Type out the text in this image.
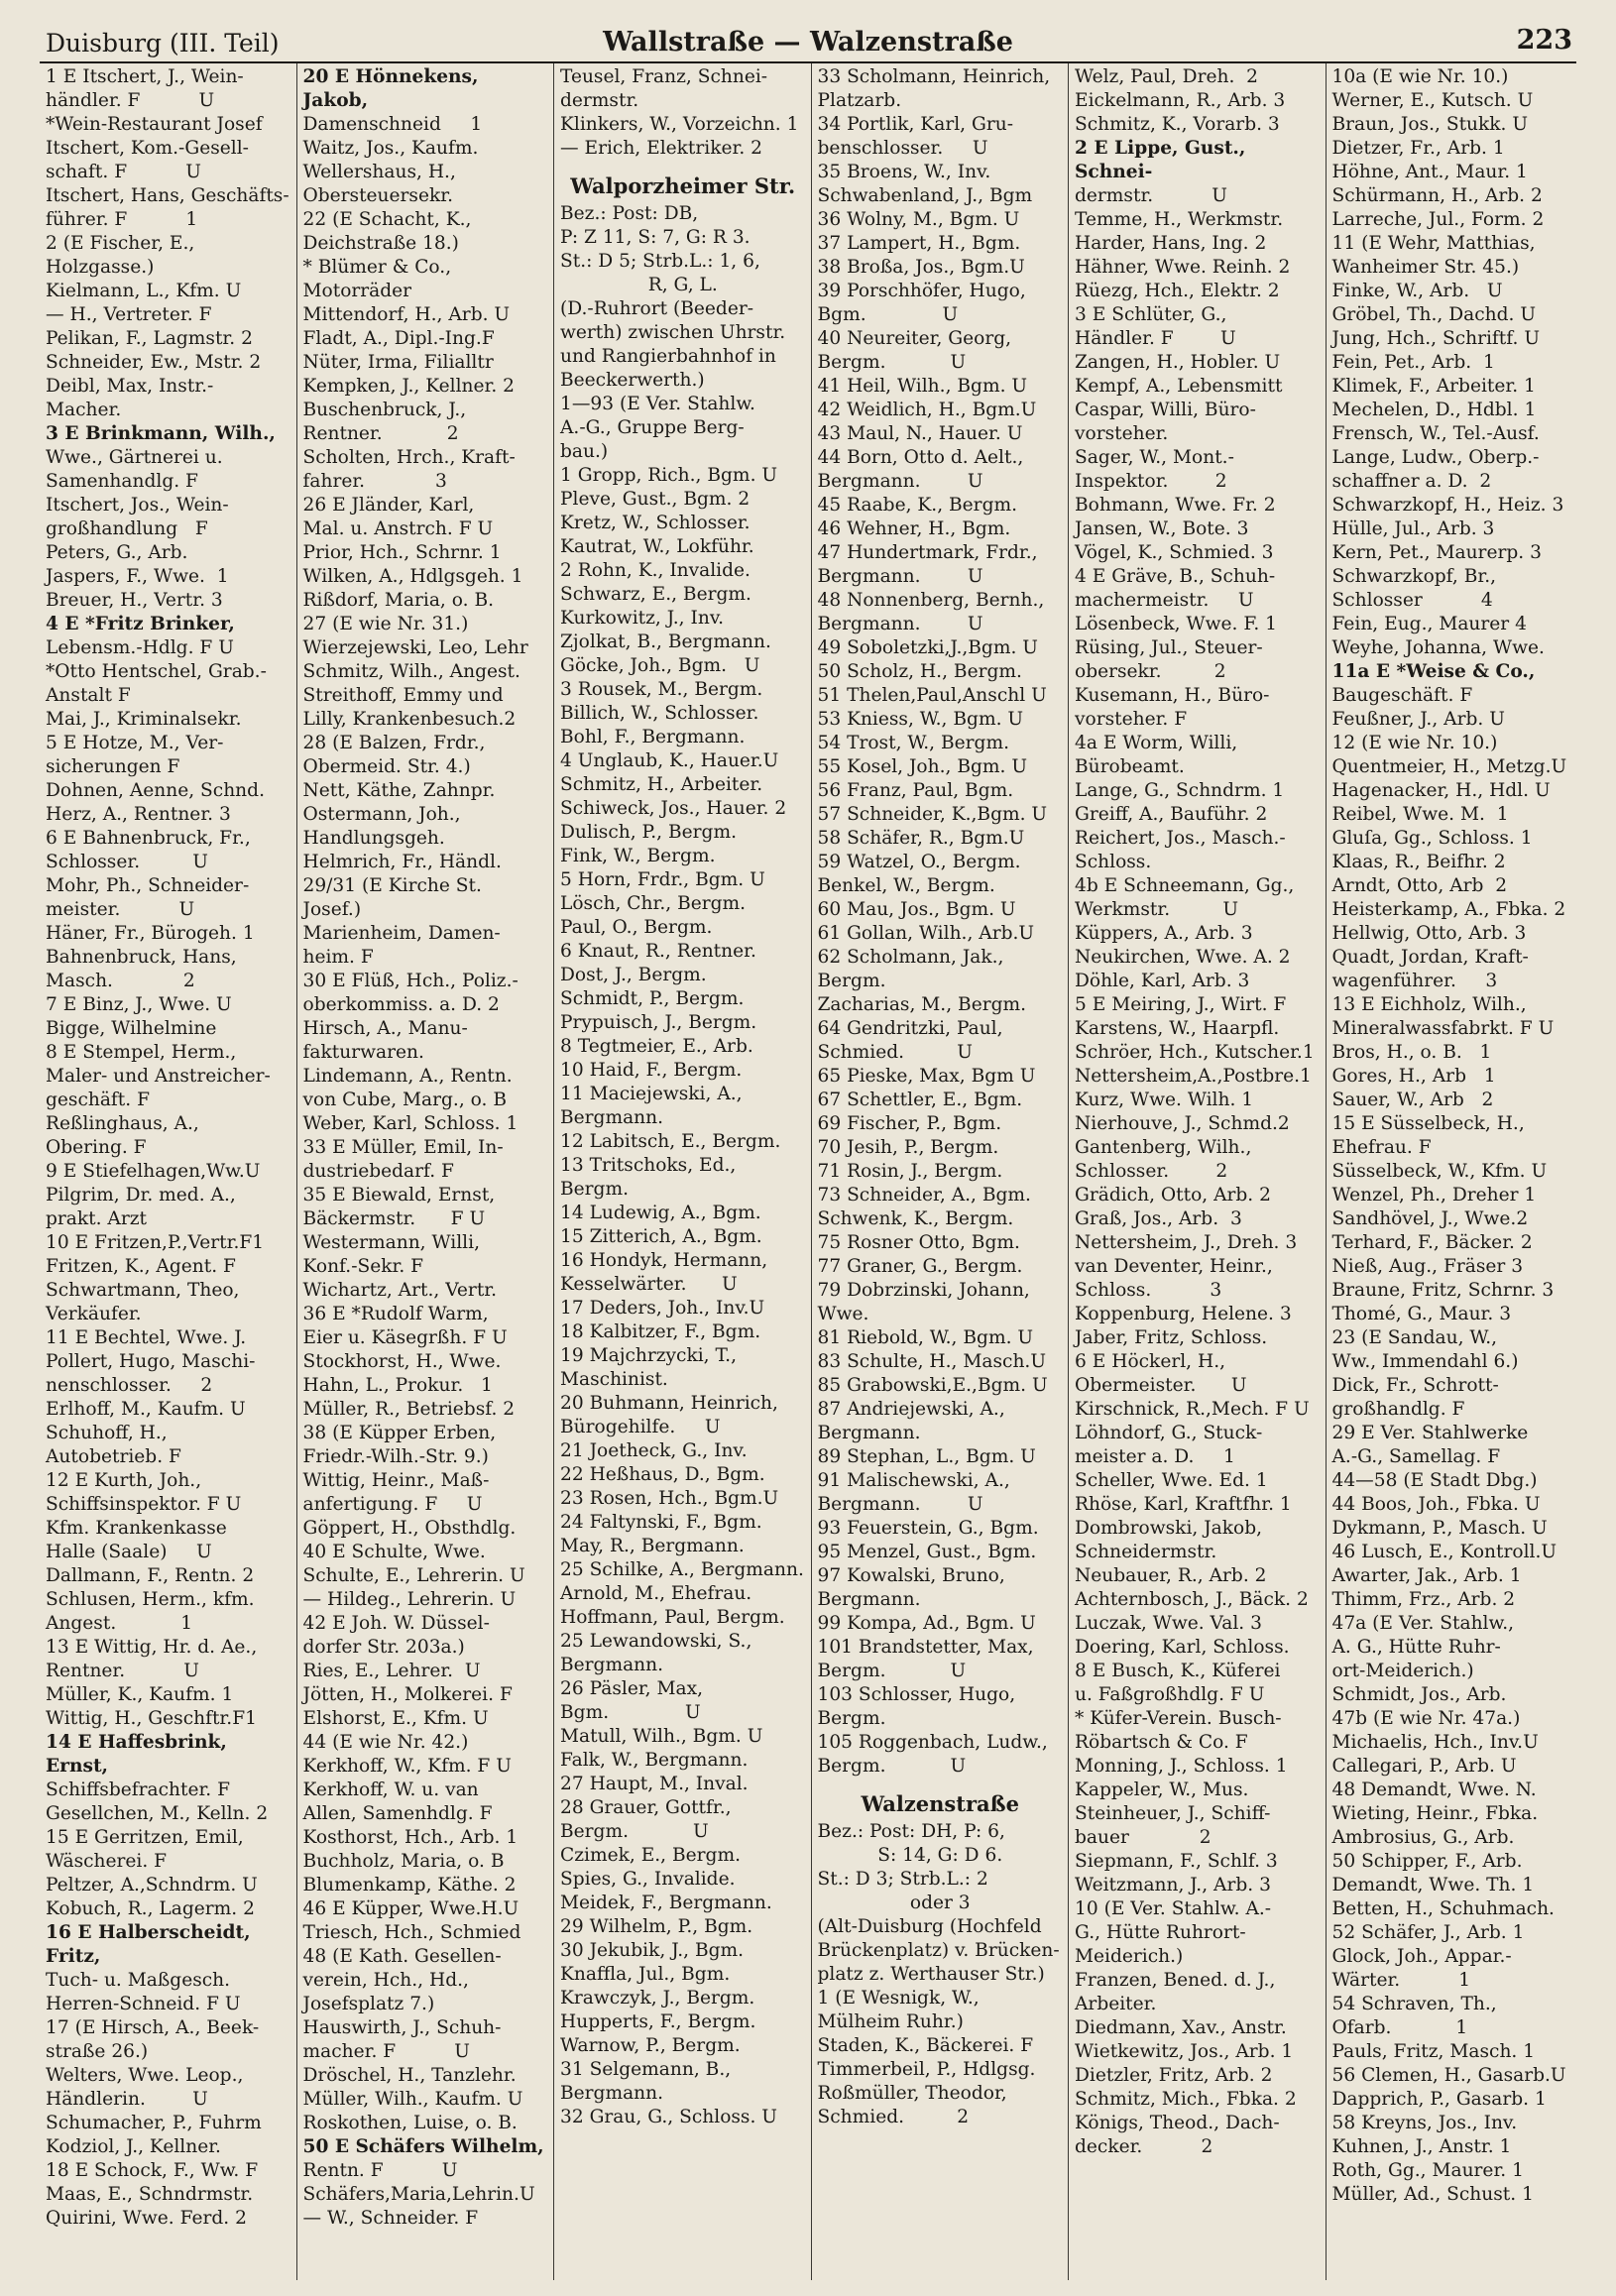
Duisburg (III. Teil)	Wallstraße — Walzenstraße	223
1 E Itschert, J., Wein-
händler. F          U
*Wein-Restaurant Josef
Itschert, Kom.-Gesell-
schaft. F          U
Itschert, Hans, Geschäfts-
führer. F          1
2 (E Fischer, E.,
Holzgasse.)
Kielmann, L., Kfm. U
— H., Vertreter. F
Pelikan, F., Lagmstr. 2
Schneider, Ew., Mstr. 2
Deibl, Max, Instr.-
Macher.
3 E Brinkmann, Wilh.,
Wwe., Gärtnerei u.
Samenhandlg. F
Itschert, Jos., Wein-
großhandlung   F
Peters, G., Arb.
Jaspers, F., Wwe.  1
Breuer, H., Vertr. 3
4 E *Fritz Brinker,
Lebensm.-Hdlg. F U
*Otto Hentschel, Grab.-
Anstalt F
Mai, J., Kriminalsekr.
5 E Hotze, M., Ver-
sicherungen F
Dohnen, Aenne, Schnd.
Herz, A., Rentner. 3
6 E Bahnenbruck, Fr.,
Schlosser.         U
Mohr, Ph., Schneider-
meister.          U
Häner, Fr., Bürogeh. 1
Bahnenbruck, Hans,
Masch.            2
7 E Binz, J., Wwe. U
Bigge, Wilhelmine
8 E Stempel, Herm.,
Maler- und Anstreicher-
geschäft. F
Reßlinghaus, A.,
Obering. F
9 E Stiefelhagen,Ww.U
Pilgrim, Dr. med. A.,
prakt. Arzt
10 E Fritzen,P.,Vertr.F1
Fritzen, K., Agent. F
Schwartmann, Theo,
Verkäufer.
11 E Bechtel, Wwe. J.
Pollert, Hugo, Maschi-
nenschlosser.     2
Erlhoff, M., Kaufm. U
Schuhoff, H.,
Autobetrieb. F
12 E Kurth, Joh.,
Schiffsinspektor. F U
Kfm. Krankenkasse
Halle (Saale)     U
Dallmann, F., Rentn. 2
Schlusen, Herm., kfm.
Angest.           1
13 E Wittig, Hr. d. Ae.,
Rentner.          U
Müller, K., Kaufm. 1
Wittig, H., Geschftr.F1
14 E Haffesbrink, Ernst,
Schiffsbefrachter. F
Gesellchen, M., Kelln. 2
15 E Gerritzen, Emil,
Wäscherei. F
Peltzer, A.,Schndrm. U
Kobuch, R., Lagerm. 2
16 E Halberscheidt, Fritz,
Tuch- u. Maßgesch.
Herren-Schneid. F U
17 (E Hirsch, A., Beek-
straße 26.)
Welters, Wwe. Leop.,
Händlerin.        U
Schumacher, P., Fuhrm
Kodziol, J., Kellner.
18 E Schock, F., Ww. F
Maas, E., Schndrmstr.
Quirini, Wwe. Ferd. 2
20 E Hönnekens, Jakob,
Damenschneid     1
Waitz, Jos., Kaufm.
Wellershaus, H.,
Obersteuersekr.
22 (E Schacht, K.,
Deichstraße 18.)
* Blümer & Co.,
Motorräder
Mittendorf, H., Arb. U
Fladt, A., Dipl.-Ing.F
Nüter, Irma, Filialltr
Kempken, J., Kellner. 2
Buschenbruck, J.,
Rentner.           2
Scholten, Hrch., Kraft-
fahrer.            3
26 E Jländer, Karl,
Mal. u. Anstrch. F U
Prior, Hch., Schrnr. 1
Wilken, A., Hdlgsgeh. 1
Rißdorf, Maria, o. B.
27 (E wie Nr. 31.)
Wierzejewski, Leo, Lehr
Schmitz, Wilh., Angest.
Streithoff, Emmy und
Lilly, Krankenbesuch.2
28 (E Balzen, Frdr.,
Obermeid. Str. 4.)
Nett, Käthe, Zahnpr.
Ostermann, Joh.,
Handlungsgeh.
Helmrich, Fr., Händl.
29/31 (E Kirche St.
Josef.)
Marienheim, Damen-
heim. F
30 E Flüß, Hch., Poliz.-
oberkommiss. a. D. 2
Hirsch, A., Manu-
fakturwaren.
Lindemann, A., Rentn.
von Cube, Marg., o. B
Weber, Karl, Schloss. 1
33 E Müller, Emil, In-
dustriebedarf. F
35 E Biewald, Ernst,
Bäckermstr.      F U
Westermann, Willi,
Konf.-Sekr. F
Wichartz, Art., Vertr.
36 E *Rudolf Warm,
Eier u. Käsegrßh. F U
Stockhorst, H., Wwe.
Hahn, L., Prokur.   1
Müller, R., Betriebsf. 2
38 (E Küpper Erben,
Friedr.-Wilh.-Str. 9.)
Wittig, Heinr., Maß-
anfertigung. F     U
Göppert, H., Obsthdlg.
40 E Schulte, Wwe.
Schulte, E., Lehrerin. U
— Hildeg., Lehrerin. U
42 E Joh. W. Düssel-
dorfer Str. 203a.)
Ries, E., Lehrer.  U
Jötten, H., Molkerei. F
Elshorst, E., Kfm. U
44 (E wie Nr. 42.)
Kerkhoff, W., Kfm. F U
Kerkhoff, W. u. van
Allen, Samenhdlg. F
Kosthorst, Hch., Arb. 1
Buchholz, Maria, o. B
Blumenkamp, Käthe. 2
46 E Küpper, Wwe.H.U
Triesch, Hch., Schmied
48 (E Kath. Gesellen-
verein, Hch., Hd.,
Josefsplatz 7.)
Hauswirth, J., Schuh-
macher. F          U
Dröschel, H., Tanzlehr.
Müller, Wilh., Kaufm. U
Roskothen, Luise, o. B.
50 E Schäfers Wilhelm,
Rentn. F          U
Schäfers,Maria,Lehrin.U
— W., Schneider. F
Teusel, Franz, Schnei-
dermstr.
Klinkers, W., Vorzeichn. 1
— Erich, Elektriker. 2
Walporzheimer Str.
Bez.: Post: DB,
P: Z 11, S: 7, G: R 3.
St.: D 5; Strb.L.: 1, 6,
R, G, L.
(D.-Ruhrort (Beeder-
werth) zwischen Uhrstr.
und Rangierbahnhof in
Beeckerwerth.)
1—93 (E Ver. Stahlw.
A.-G., Gruppe Berg-
bau.)
1 Gropp, Rich., Bgm. U
Pleve, Gust., Bgm. 2
Kretz, W., Schlosser.
Kautrat, W., Lokführ.
2 Rohn, K., Invalide.
Schwarz, E., Bergm.
Kurkowitz, J., Inv.
Zjolkat, B., Bergmann.
Göcke, Joh., Bgm.   U
3 Rousek, M., Bergm.
Billich, W., Schlosser.
Bohl, F., Bergmann.
4 Unglaub, K., Hauer.U
Schmitz, H., Arbeiter.
Schiweck, Jos., Hauer. 2
Dulisch, P., Bergm.
Fink, W., Bergm.
5 Horn, Frdr., Bgm. U
Lösch, Chr., Bergm.
Paul, O., Bergm.
6 Knaut, R., Rentner.
Dost, J., Bergm.
Schmidt, P., Bergm.
Prypuisch, J., Bergm.
8 Tegtmeier, E., Arb.
10 Haid, F., Bergm.
11 Maciejewski, A.,
Bergmann.
12 Labitsch, E., Bergm.
13 Tritschoks, Ed.,
Bergm.
14 Ludewig, A., Bgm.
15 Zitterich, A., Bgm.
16 Hondyk, Hermann,
Kesselwärter.      U
17 Deders, Joh., Inv.U
18 Kalbitzer, F., Bgm.
19 Majchrzycki, T.,
Maschinist.
20 Buhmann, Heinrich,
Bürogehilfe.     U
21 Joetheck, G., Inv.
22 Heßhaus, D., Bgm.
23 Rosen, Hch., Bgm.U
24 Faltynski, F., Bgm.
May, R., Bergmann.
25 Schilke, A., Bergmann.
Arnold, M., Ehefrau.
Hoffmann, Paul, Bergm.
25 Lewandowski, S.,
Bergmann.
26 Päsler, Max,
Bgm.             U
Matull, Wilh., Bgm. U
Falk, W., Bergmann.
27 Haupt, M., Inval.
28 Grauer, Gottfr.,
Bergm.           U
Czimek, E., Bergm.
Spies, G., Invalide.
Meidek, F., Bergmann.
29 Wilhelm, P., Bgm.
30 Jekubik, J., Bgm.
Knaffla, Jul., Bgm.
Krawczyk, J., Bergm.
Hupperts, F., Bergm.
Warnow, P., Bergm.
31 Selgemann, B.,
Bergmann.
32 Grau, G., Schloss. U
33 Scholmann, Heinrich,
Platzarb.
34 Portlik, Karl, Gru-
benschlosser.     U
35 Broens, W., Inv.
Schwabenland, J., Bgm
36 Wolny, M., Bgm. U
37 Lampert, H., Bgm.
38 Broßa, Jos., Bgm.U
39 Porschhöfer, Hugo,
Bgm.             U
40 Neureiter, Georg,
Bergm.           U
41 Heil, Wilh., Bgm. U
42 Weidlich, H., Bgm.U
43 Maul, N., Hauer. U
44 Born, Otto d. Aelt.,
Bergmann.        U
45 Raabe, K., Bergm.
46 Wehner, H., Bgm.
47 Hundertmark, Frdr.,
Bergmann.        U
48 Nonnenberg, Bernh.,
Bergmann.        U
49 Soboletzki,J.,Bgm. U
50 Scholz, H., Bergm.
51 Thelen,Paul,Anschl U
53 Kniess, W., Bgm. U
54 Trost, W., Bergm.
55 Kosel, Joh., Bgm. U
56 Franz, Paul, Bgm.
57 Schneider, K.,Bgm. U
58 Schäfer, R., Bgm.U
59 Watzel, O., Bergm.
Benkel, W., Bergm.
60 Mau, Jos., Bgm. U
61 Gollan, Wilh., Arb.U
62 Scholmann, Jak.,
Bergm.
Zacharias, M., Bergm.
64 Gendritzki, Paul,
Schmied.         U
65 Pieske, Max, Bgm U
67 Schettler, E., Bgm.
69 Fischer, P., Bgm.
70 Jesih, P., Bergm.
71 Rosin, J., Bergm.
73 Schneider, A., Bgm.
Schwenk, K., Bergm.
75 Rosner Otto, Bgm.
77 Graner, G., Bergm.
79 Dobrzinski, Johann,
Wwe.
81 Riebold, W., Bgm. U
83 Schulte, H., Masch.U
85 Grabowski,E.,Bgm. U
87 Andriejewski, A.,
Bergmann.
89 Stephan, L., Bgm. U
91 Malischewski, A.,
Bergmann.        U
93 Feuerstein, G., Bgm.
95 Menzel, Gust., Bgm.
97 Kowalski, Bruno,
Bergmann.
99 Kompa, Ad., Bgm. U
101 Brandstetter, Max,
Bergm.           U
103 Schlosser, Hugo,
Bergm.
105 Roggenbach, Ludw.,
Bergm.           U
Walzenstraße
Bez.: Post: DH, P: 6,
S: 14, G: D 6.
St.: D 3; Strb.L.: 2
oder 3
(Alt-Duisburg (Hochfeld
Brückenplatz) v. Brücken-
platz z. Werthauser Str.)
1 (E Wesnigk, W.,
Mülheim Ruhr.)
Staden, K., Bäckerei. F
Timmerbeil, P., Hdlgsg.
Roßmüller, Theodor,
Schmied.         2
Welz, Paul, Dreh.  2
Eickelmann, R., Arb. 3
Schmitz, K., Vorarb. 3
2 E Lippe, Gust., Schnei-
dermstr.          U
Temme, H., Werkmstr.
Harder, Hans, Ing. 2
Hähner, Wwe. Reinh. 2
Rüezg, Hch., Elektr. 2
3 E Schlüter, G.,
Händler. F        U
Zangen, H., Hobler. U
Kempf, A., Lebensmitt
Caspar, Willi, Büro-
vorsteher.
Sager, W., Mont.-
Inspektor.        2
Bohmann, Wwe. Fr. 2
Jansen, W., Bote. 3
Vögel, K., Schmied. 3
4 E Gräve, B., Schuh-
machermeistr.     U
Lösenbeck, Wwe. F. 1
Rüsing, Jul., Steuer-
obersekr.         2
Kusemann, H., Büro-
vorsteher. F
4a E Worm, Willi,
Bürobeamt.
Lange, G., Schndrm. 1
Greiff, A., Bauführ. 2
Reichert, Jos., Masch.-
Schloss.
4b E Schneemann, Gg.,
Werkmstr.         U
Küppers, A., Arb. 3
Neukirchen, Wwe. A. 2
Döhle, Karl, Arb. 3
5 E Meiring, J., Wirt. F
Karstens, W., Haarpfl.
Schröer, Hch., Kutscher.1
Nettersheim,A.,Postbre.1
Kurz, Wwe. Wilh. 1
Nierhouve, J., Schmd.2
Gantenberg, Wilh.,
Schlosser.        2
Grädich, Otto, Arb. 2
Graß, Jos., Arb.  3
Nettersheim, J., Dreh. 3
van Deventer, Heinr.,
Schloss.          3
Koppenburg, Helene. 3
Jaber, Fritz, Schloss.
6 E Höckerl, H.,
Obermeister.      U
Kirschnick, R.,Mech. F U
Löhndorf, G., Stuck-
meister a. D.     1
Scheller, Wwe. Ed. 1
Rhöse, Karl, Kraftfhr. 1
Dombrowski, Jakob,
Schneidermstr.
Neubauer, R., Arb. 2
Achternbosch, J., Bäck. 2
Luczak, Wwe. Val. 3
Doering, Karl, Schloss.
8 E Busch, K., Küferei
u. Faßgroßhdlg. F U
* Küfer-Verein. Busch-
Röbartsch & Co. F
Monning, J., Schloss. 1
Kappeler, W., Mus.
Steinheuer, J., Schiff-
bauer            2
Siepmann, F., Schlf. 3
Weitzmann, J., Arb. 3
10 (E Ver. Stahlw. A.-
G., Hütte Ruhrort-
Meiderich.)
Franzen, Bened. d. J.,
Arbeiter.
Diedmann, Xav., Anstr.
Wietkewitz, Jos., Arb. 1
Dietzler, Fritz, Arb. 2
Schmitz, Mich., Fbka. 2
Königs, Theod., Dach-
decker.          2
10a (E wie Nr. 10.)
Werner, E., Kutsch. U
Braun, Jos., Stukk. U
Dietzer, Fr., Arb. 1
Höhne, Ant., Maur. 1
Schürmann, H., Arb. 2
Larreche, Jul., Form. 2
11 (E Wehr, Matthias,
Wanheimer Str. 45.)
Finke, W., Arb.   U
Gröbel, Th., Dachd. U
Jung, Hch., Schriftf. U
Fein, Pet., Arb.  1
Klimek, F., Arbeiter. 1
Mechelen, D., Hdbl. 1
Frensch, W., Tel.-Ausf.
Lange, Ludw., Oberp.-
schaffner a. D.  2
Schwarzkopf, H., Heiz. 3
Hülle, Jul., Arb. 3
Kern, Pet., Maurerp. 3
Schwarzkopf, Br.,
Schlosser          4
Fein, Eug., Maurer 4
Weyhe, Johanna, Wwe.
11a E *Weise & Co.,
Baugeschäft. F
Feußner, J., Arb. U
12 (E wie Nr. 10.)
Quentmeier, H., Metzg.U
Hagenacker, H., Hdl. U
Reibel, Wwe. M.  1
Gluſa, Gg., Schloss. 1
Klaas, R., Beifhr. 2
Arndt, Otto, Arb  2
Heisterkamp, A., Fbka. 2
Hellwig, Otto, Arb. 3
Quadt, Jordan, Kraft-
wagenführer.     3
13 E Eichholz, Wilh.,
Mineralwassfabrkt. F U
Bros, H., o. B.   1
Gores, H., Arb   1
Sauer, W., Arb   2
15 E Süsselbeck, H.,
Ehefrau. F
Süsselbeck, W., Kfm. U
Wenzel, Ph., Dreher 1
Sandhövel, J., Wwe.2
Terhard, F., Bäcker. 2
Nieß, Aug., Fräser 3
Braune, Fritz, Schrnr. 3
Thomé, G., Maur. 3
23 (E Sandau, W.,
Ww., Immendahl 6.)
Dick, Fr., Schrott-
großhandlg. F
29 E Ver. Stahlwerke
A.-G., Samellag. F
44—58 (E Stadt Dbg.)
44 Boos, Joh., Fbka. U
Dykmann, P., Masch. U
46 Lusch, E., Kontroll.U
Awarter, Jak., Arb. 1
Thimm, Frz., Arb. 2
47a (E Ver. Stahlw.,
A. G., Hütte Ruhr-
ort-Meiderich.)
Schmidt, Jos., Arb.
47b (E wie Nr. 47a.)
Michaelis, Hch., Inv.U
Callegari, P., Arb. U
48 Demandt, Wwe. N.
Wieting, Heinr., Fbka.
Ambrosius, G., Arb.
50 Schipper, F., Arb.
Demandt, Wwe. Th. 1
Betten, H., Schuhmach.
52 Schäfer, J., Arb. 1
Glock, Joh., Appar.-
Wärter.          1
54 Schraven, Th.,
Ofarb.           1
Pauls, Fritz, Masch. 1
56 Clemen, H., Gasarb.U
Dapprich, P., Gasarb. 1
58 Kreyns, Jos., Inv.
Kuhnen, J., Anstr. 1
Roth, Gg., Maurer. 1
Müller, Ad., Schust. 1
